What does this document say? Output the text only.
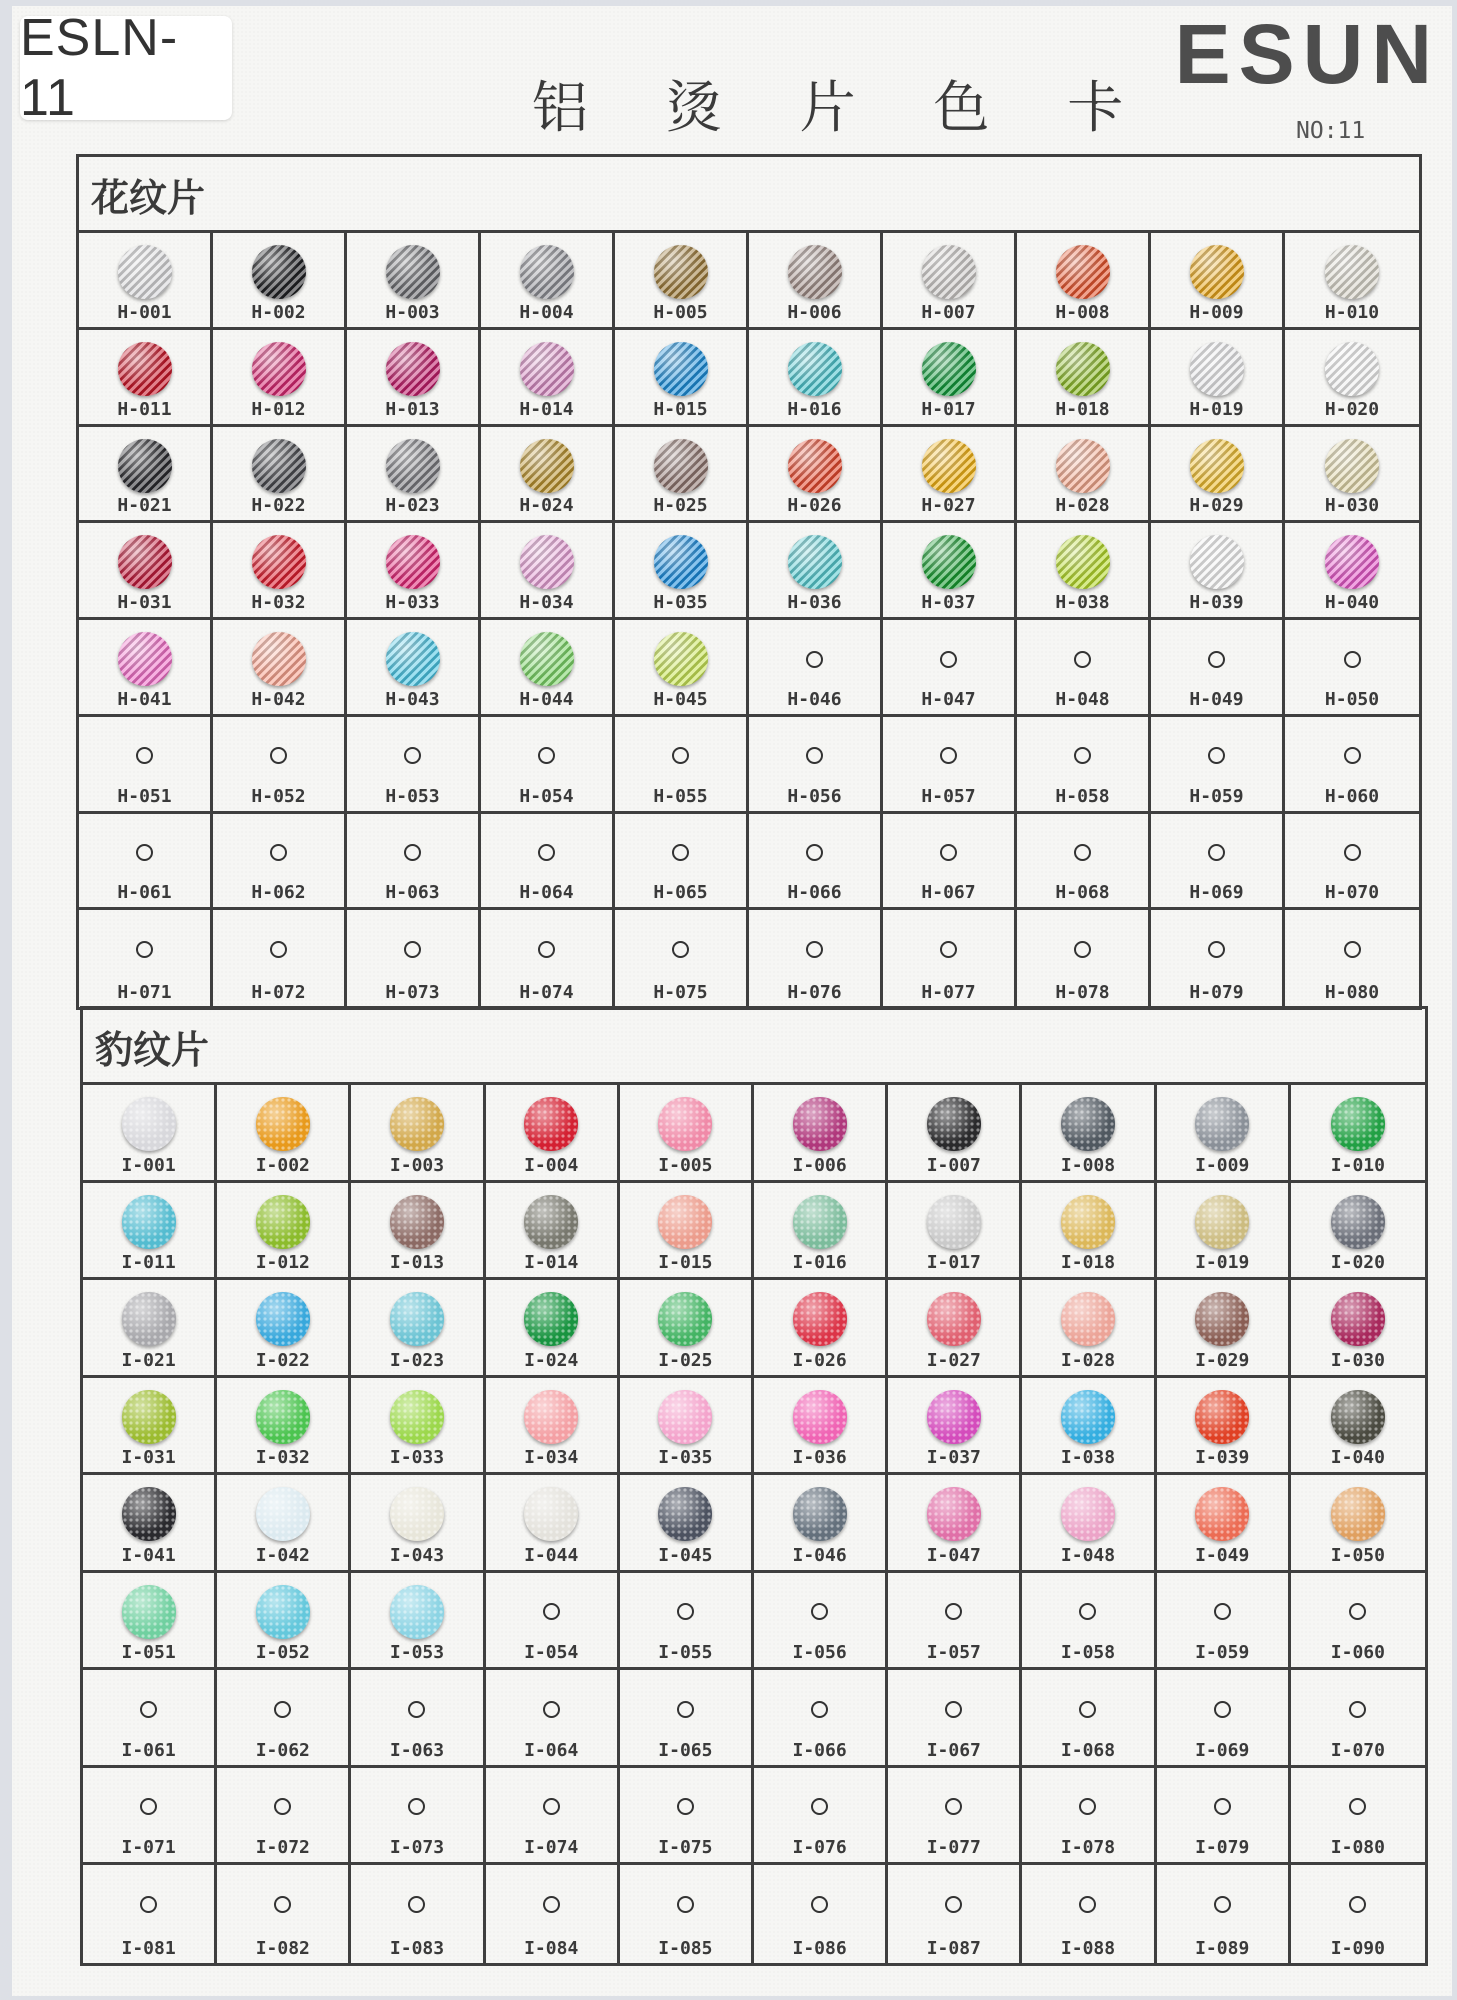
ESLN-11	铝 烫 片 色 卡
ESUN
NO:11
花纹片
H-001	H-002	H-003	H-004	H-005	H-006	H-007	H-008	H-009	H-010
H-011	H-012	H-013	H-014	H-015	H-016	H-017	H-018	H-019	H-020
H-021	H-022	H-023	H-024	H-025	H-026	H-027	H-028	H-029	H-030
H-031	H-032	H-033	H-034	H-035	H-036	H-037	H-038	H-039	H-040
H-041	H-042	H-043	H-044	H-045	H-046	H-047	H-048	H-049	H-050
H-051	H-052	H-053	H-054	H-055	H-056	H-057	H-058	H-059	H-060
H-061	H-062	H-063	H-064	H-065	H-066	H-067	H-068	H-069	H-070
H-071	H-072	H-073	H-074	H-075	H-076	H-077	H-078	H-079	H-080
豹纹片
I-001	I-002	I-003	I-004	I-005	I-006	I-007	I-008	I-009	I-010
I-011	I-012	I-013	I-014	I-015	I-016	I-017	I-018	I-019	I-020
I-021	I-022	I-023	I-024	I-025	I-026	I-027	I-028	I-029	I-030
I-031	I-032	I-033	I-034	I-035	I-036	I-037	I-038	I-039	I-040
I-041	I-042	I-043	I-044	I-045	I-046	I-047	I-048	I-049	I-050
I-051	I-052	I-053	I-054	I-055	I-056	I-057	I-058	I-059	I-060
I-061	I-062	I-063	I-064	I-065	I-066	I-067	I-068	I-069	I-070
I-071	I-072	I-073	I-074	I-075	I-076	I-077	I-078	I-079	I-080
I-081	I-082	I-083	I-084	I-085	I-086	I-087	I-088	I-089	I-090
